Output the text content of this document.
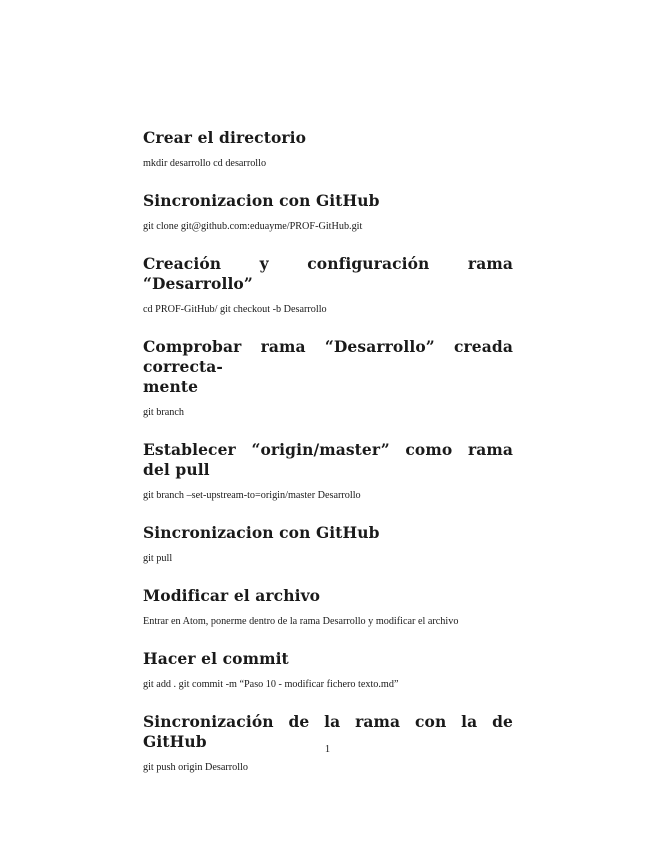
Crear el directorio

mkdir desarrollo cd desarrollo

Sincronizacion con GitHub

git clone git@github.com:eduayme/PROF-GitHub.git

Creación y configuración rama “Desarrollo”

cd PROF-GitHub/ git checkout -b Desarrollo

Comprobar rama “Desarrollo” creada correcta-
mente

git branch

Establecer “origin/master” como rama del pull

git branch –set-upstream-to=origin/master Desarrollo

Sincronizacion con GitHub

git pull

Modificar el archivo

Entrar en Atom, ponerme dentro de la rama Desarrollo y modificar el archivo

Hacer el commit

git add . git commit -m “Paso 10 - modificar fichero texto.md”

Sincronización de la rama con la de GitHub

git push origin Desarrollo

1
